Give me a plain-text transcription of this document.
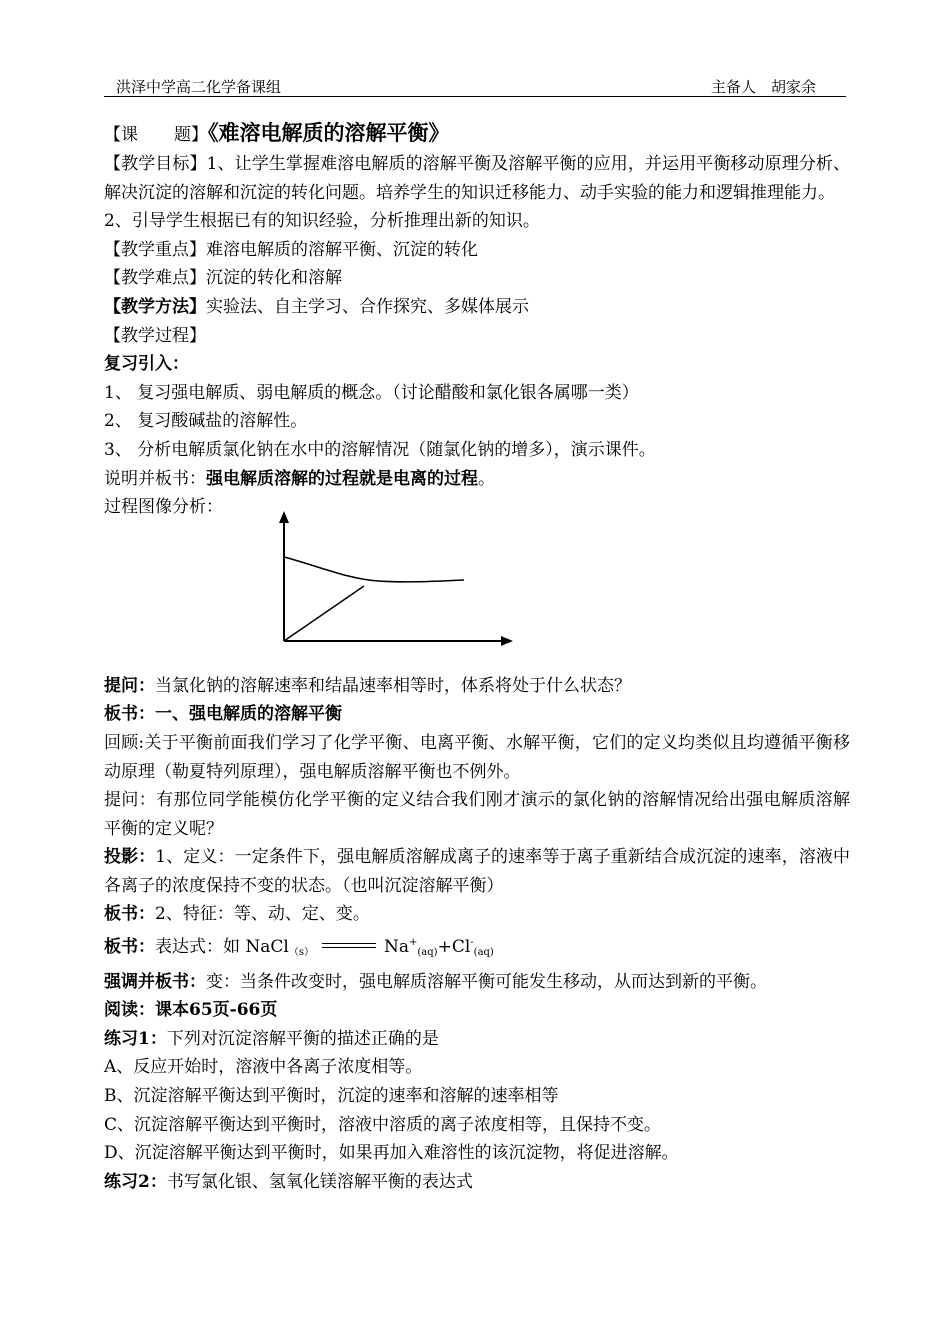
洪泽中学高二化学备课组	主备人　胡家余
【课 题】《难溶电解质的溶解平衡》
【教学目标】1、让学生掌握难溶电解质的溶解平衡及溶解平衡的应用，并运用平衡移动原理分析、解决沉淀的溶解和沉淀的转化问题。培养学生的知识迁移能力、动手实验的能力和逻辑推理能力。
2、引导学生根据已有的知识经验，分析推理出新的知识。
【教学重点】难溶电解质的溶解平衡、沉淀的转化
【教学难点】沉淀的转化和溶解
【教学方法】实验法、自主学习、合作探究、多媒体展示
【教学过程】
复习引入：
1、 复习强电解质、弱电解质的概念。（讨论醋酸和氯化银各属哪一类）
2、 复习酸碱盐的溶解性。
3、 分析电解质氯化钠在水中的溶解情况（随氯化钠的增多），演示课件。
说明并板书：强电解质溶解的过程就是电离的过程。
过程图像分析：
提问：当氯化钠的溶解速率和结晶速率相等时，体系将处于什么状态？
板书：一、强电解质的溶解平衡
回顾:关于平衡前面我们学习了化学平衡、电离平衡、水解平衡，它们的定义均类似且均遵循平衡移动原理（勒夏特列原理），强电解质溶解平衡也不例外。
提问：有那位同学能模仿化学平衡的定义结合我们刚才演示的氯化钠的溶解情况给出强电解质溶解平衡的定义呢？
投影：1、定义：一定条件下，强电解质溶解成离子的速率等于离子重新结合成沉淀的速率，溶液中各离子的浓度保持不变的状态。（也叫沉淀溶解平衡）
板书：2、特征：等、动、定、变。
板书：表达式：如 NaCl$_{(s)}$	$Na^+_{(aq)}+Cl^-_{(aq)}$
强调并板书：变：当条件改变时，强电解质溶解平衡可能发生移动，从而达到新的平衡。
阅读：课本65页-66页
练习1：下列对沉淀溶解平衡的描述正确的是
A、反应开始时，溶液中各离子浓度相等。
B、沉淀溶解平衡达到平衡时，沉淀的速率和溶解的速率相等
C、沉淀溶解平衡达到平衡时，溶液中溶质的离子浓度相等，且保持不变。
D、沉淀溶解平衡达到平衡时，如果再加入难溶性的该沉淀物，将促进溶解。
练习2：书写氯化银、氢氧化镁溶解平衡的表达式
